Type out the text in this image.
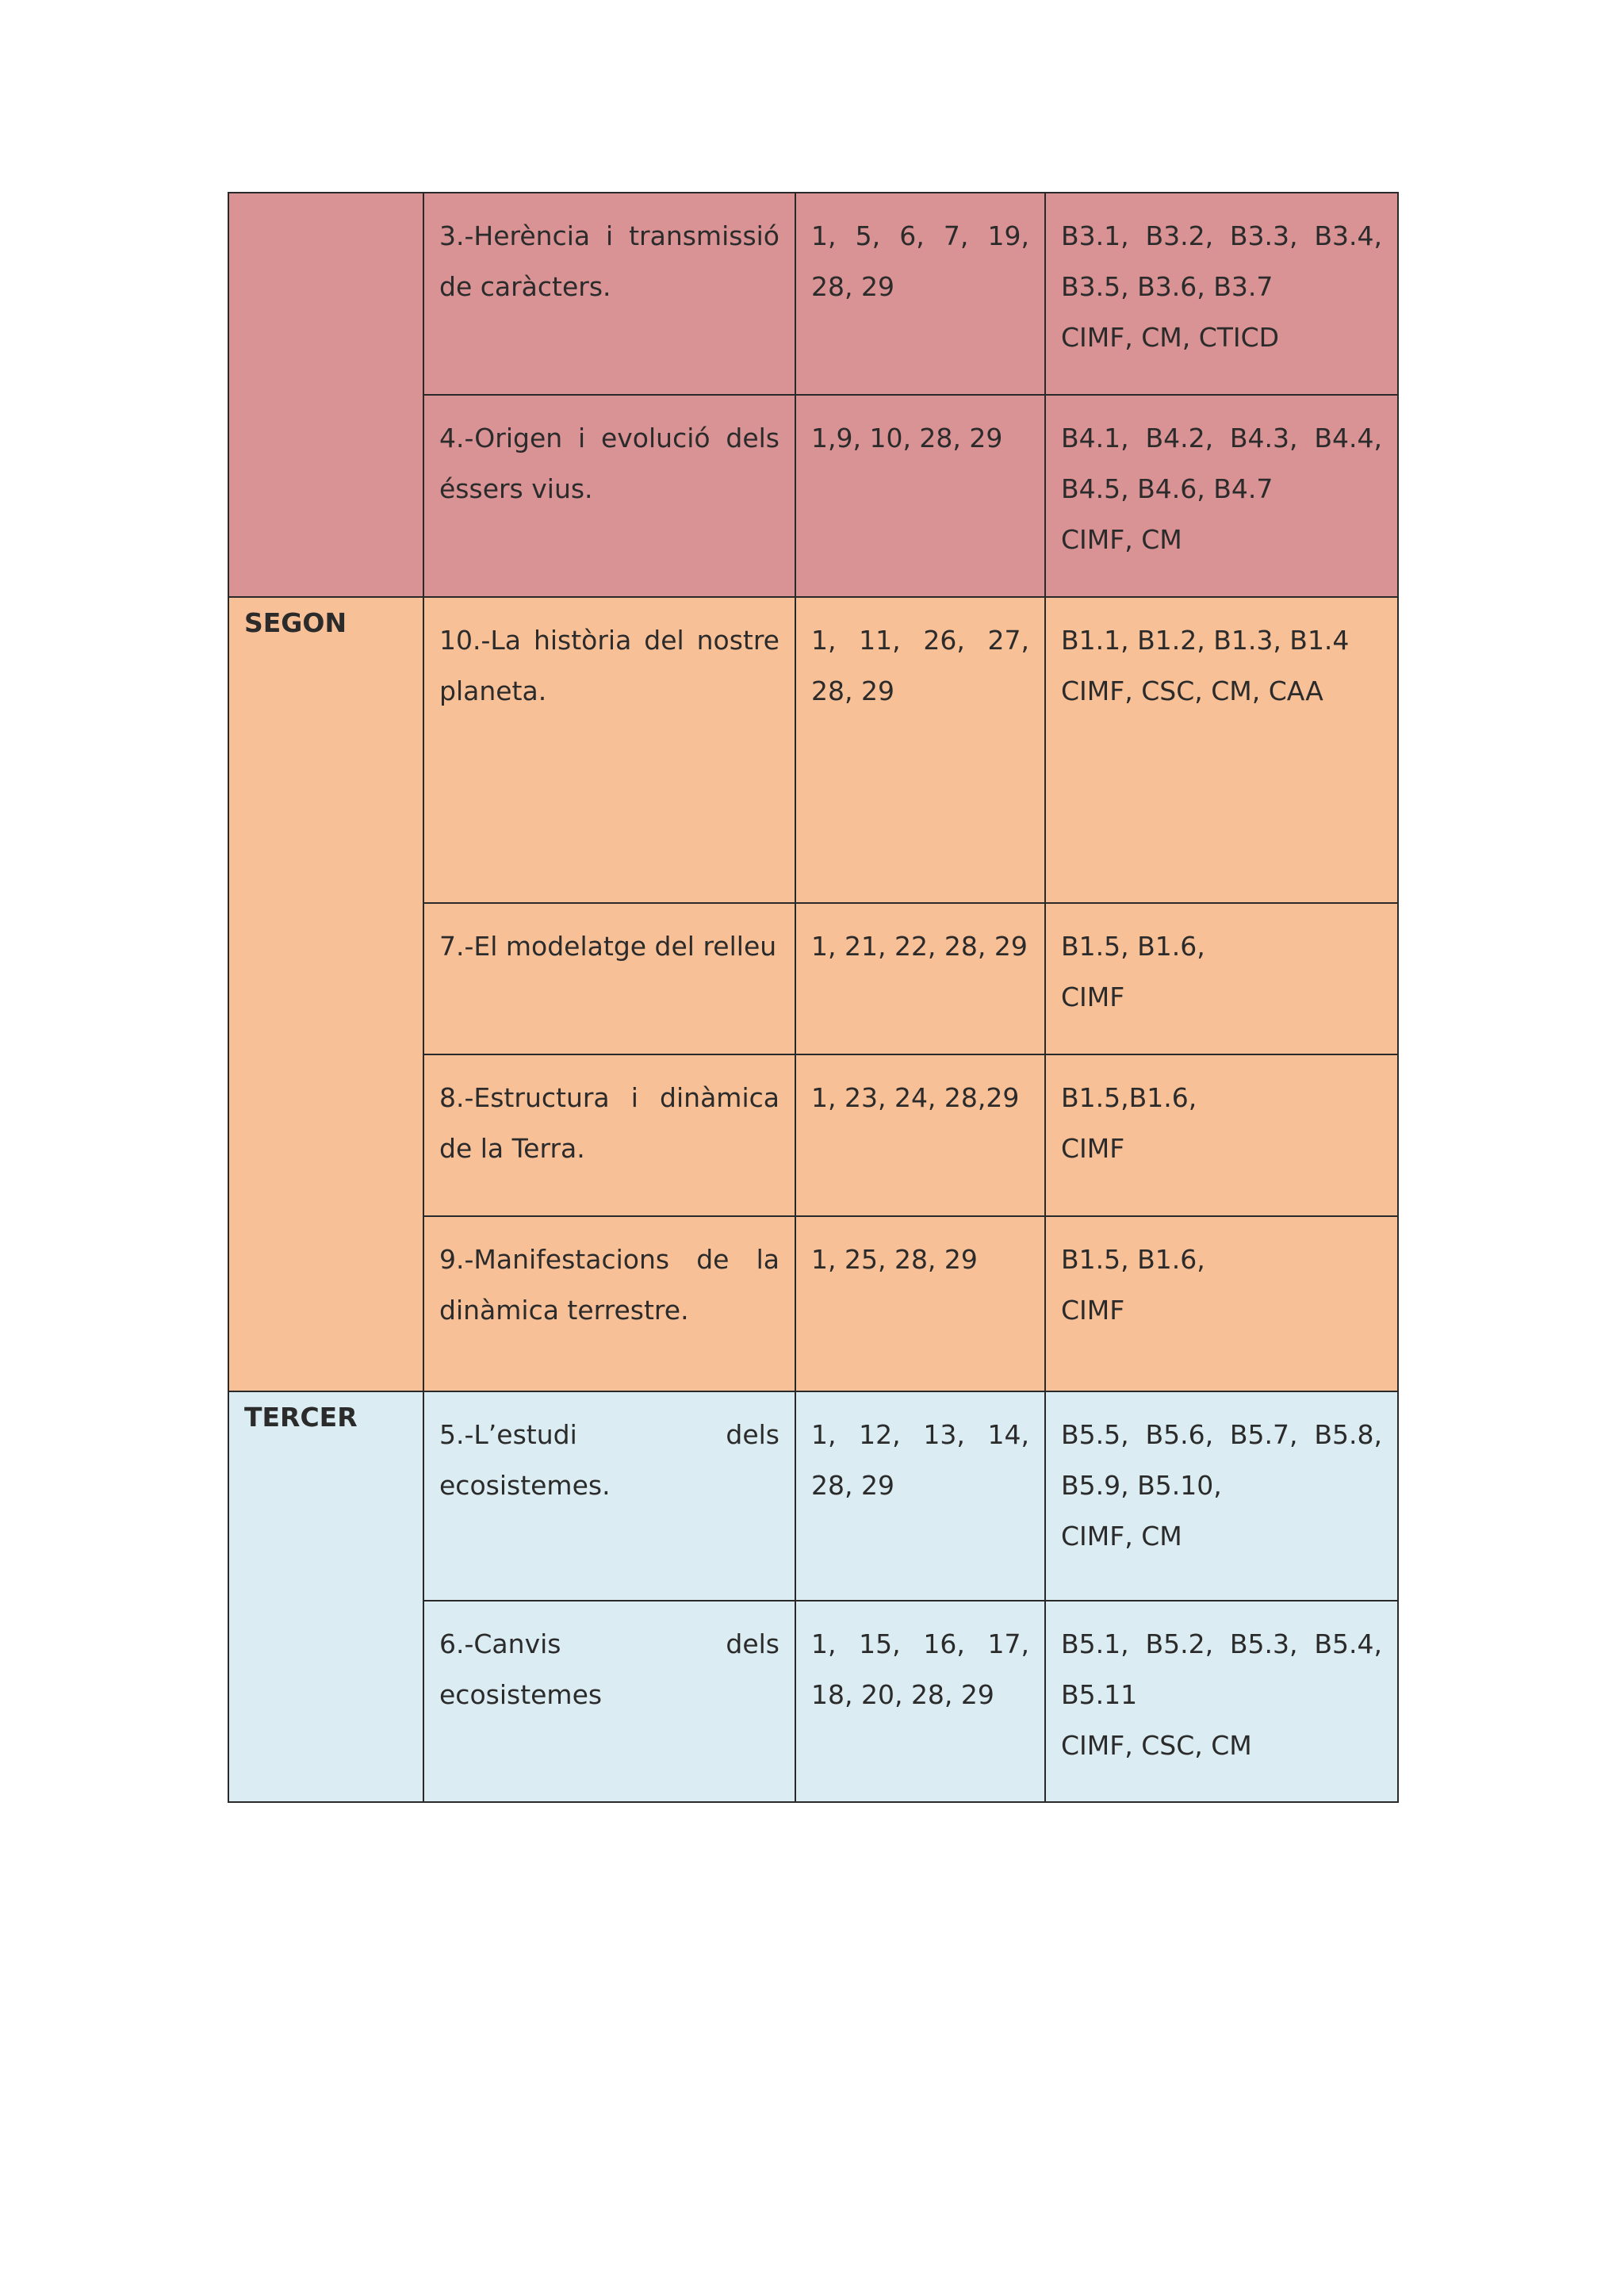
	3.-Herència i transmissió de caràcters.	1, 5, 6, 7, 19, 28, 29	B3.1, B3.2, B3.3, B3.4, B3.5, B3.6, B3.7
CIMF, CM, CTICD

	4.-Origen i evolució dels éssers vius.	1,9, 10, 28, 29	B4.1, B4.2, B4.3, B4.4, B4.5, B4.6, B4.7
CIMF, CM

SEGON	10.-La història del nostre planeta.	1, 11, 26, 27, 28, 29	B1.1, B1.2, B1.3, B1.4
CIMF, CSC, CM, CAA

	7.-El modelatge del relleu	1, 21, 22, 28, 29	B1.5, B1.6,
CIMF

	8.-Estructura i dinàmica de la Terra.	1, 23, 24, 28,29	B1.5,B1.6,
CIMF

	9.-Manifestacions de la dinàmica terrestre.	1, 25, 28, 29	B1.5, B1.6,
CIMF

TERCER	5.-L’estudi dels ecosistemes.	1, 12, 13, 14, 28, 29	B5.5, B5.6, B5.7, B5.8, B5.9, B5.10,
CIMF, CM

	6.-Canvis dels ecosistemes	1, 15, 16, 17, 18, 20, 28, 29	B5.1, B5.2, B5.3, B5.4, B5.11
CIMF, CSC, CM
